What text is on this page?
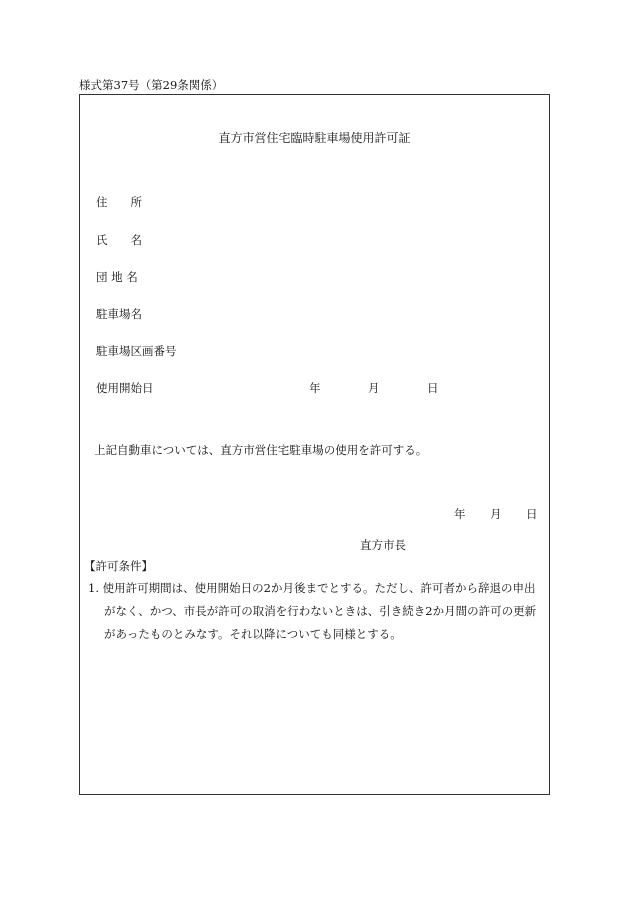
様式第37号（第29条関係）
直方市営住宅臨時駐車場使用許可証
住　　所
氏　　名
団 地 名
駐車場名
駐車場区画番号
使用開始日	年	月	日
上記自動車については、直方市営住宅駐車場の使用を許可する。
年 月 日
直方市長
【許可条件】
1. 使用許可期間は、使用開始日の2か月後までとする。ただし、許可者から辞退の申出
がなく、かつ、市長が許可の取消を行わないときは、引き続き2か月間の許可の更新
があったものとみなす。それ以降についても同様とする。
